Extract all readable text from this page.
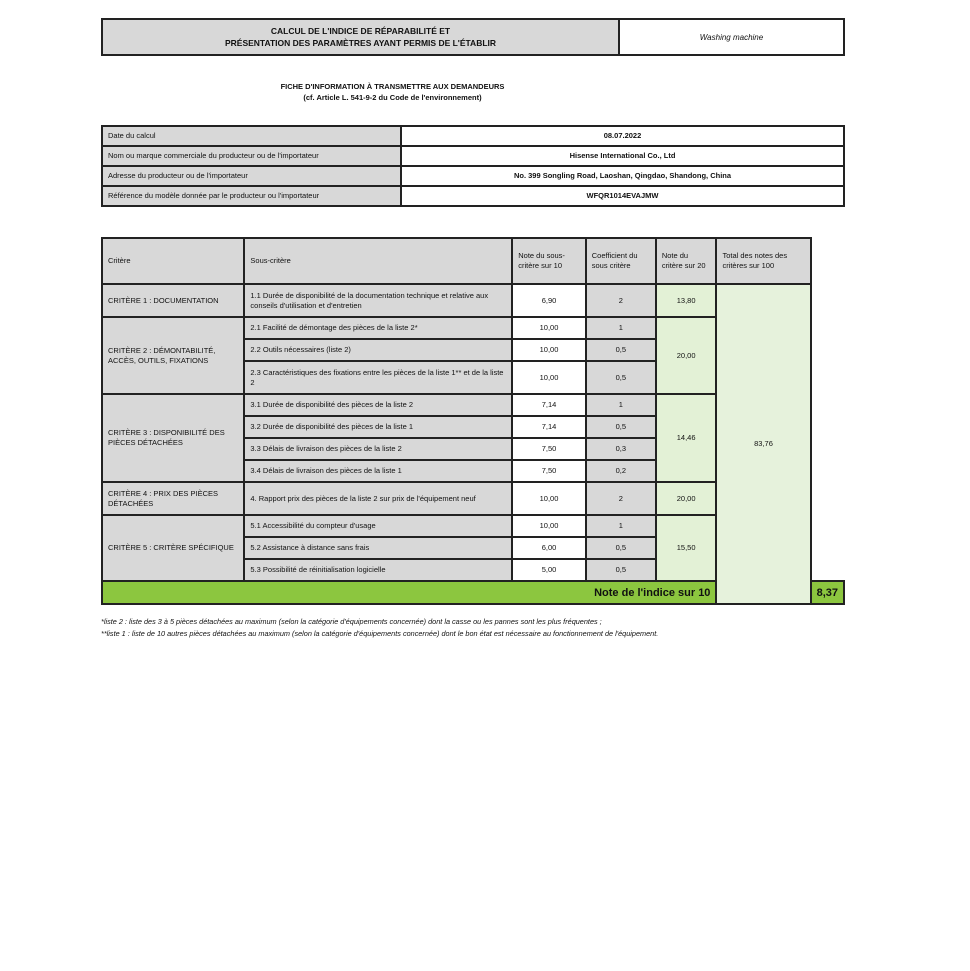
CALCUL DE L'INDICE DE RÉPARABILITÉ ET
PRÉSENTATION DES PARAMÈTRES AYANT PERMIS DE L'ÉTABLIR
Washing machine
FICHE D'INFORMATION À TRANSMETTRE AUX DEMANDEURS
(cf. Article L. 541-9-2 du Code de l'environnement)
Date du calcul	08.07.2022
Nom ou marque commerciale du producteur ou de l'importateur	Hisense International Co., Ltd
Adresse du producteur ou de l'importateur	No. 399 Songling Road, Laoshan, Qingdao, Shandong, China
Référence du modèle donnée par le producteur ou l'importateur	WFQR1014EVAJMW
Critère	Sous-critère	Note du sous-critère sur 10	Coefficient du sous critère	Note du critère sur 20	Total des notes des critères sur 100	
CRITÈRE 1 : DOCUMENTATION	1.1 Durée de disponibilité de la documentation technique et relative aux conseils d'utilisation et d'entretien	6,90	2	13,80	83,76	
CRITÈRE 2 : DÉMONTABILITÉ, ACCÈS, OUTILS, FIXATIONS	2.1 Facilité de démontage des pièces de la liste 2*	10,00	1	20,00		
	2.2 Outils nécessaires (liste 2)	10,00	0,5			
	2.3 Caractéristiques des fixations entre les pièces de la liste 1** et de la liste 2	10,00	0,5			
CRITÈRE 3 : DISPONIBILITÉ DES PIÈCES DÉTACHÉES	3.1 Durée de disponibilité des pièces de la liste 2	7,14	1	14,46		
	3.2 Durée de disponibilité des pièces de la liste 1	7,14	0,5			
	3.3 Délais de livraison des pièces de la liste 2	7,50	0,3			
	3.4 Délais de livraison des pièces de la liste 1	7,50	0,2			
CRITÈRE 4 : PRIX DES PIÈCES DÉTACHÉES	4. Rapport prix des pièces de la liste 2 sur prix de l'équipement neuf	10,00	2	20,00		
CRITÈRE 5 : CRITÈRE SPÉCIFIQUE	5.1 Accessibilité du compteur d'usage	10,00	1	15,50		
	5.2 Assistance à distance sans frais	6,00	0,5			
	5.3 Possibilité de réinitialisation logicielle	5,00	0,5			
Note de l'indice sur 10						8,37
*liste 2 : liste des 3 à 5 pièces détachées au maximum (selon la catégorie d'équipements concernée) dont la casse ou les pannes sont les plus fréquentes ;
**liste 1 : liste de 10 autres pièces détachées au maximum (selon la catégorie d'équipements concernée) dont le bon état est nécessaire au fonctionnement de l'équipement.
